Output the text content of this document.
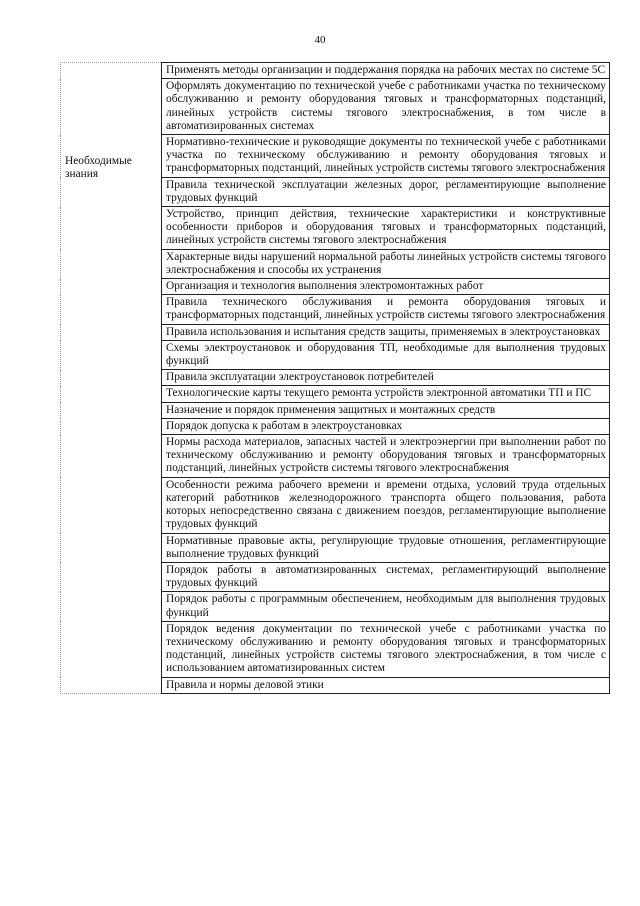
40
Необходимые знания	Применять методы организации и поддержания порядка на рабочих местах по системе 5С
Оформлять документацию по технической учебе с работниками участка по техническому обслуживанию и ремонту оборудования тяговых и трансформаторных подстанций, линейных устройств системы тягового электроснабжения, в том числе в автоматизированных системах
Нормативно-технические и руководящие документы по технической учебе с работниками участка по техническому обслуживанию и ремонту оборудования тяговых и трансформаторных подстанций, линейных устройств системы тягового электроснабжения
Правила технической эксплуатации железных дорог, регламентирующие выполнение трудовых функций
Устройство, принцип действия, технические характеристики и конструктивные особенности приборов и оборудования тяговых и трансформаторных подстанций, линейных устройств системы тягового электроснабжения
Характерные виды нарушений нормальной работы линейных устройств системы тягового электроснабжения и способы их устранения
Организация и технология выполнения электромонтажных работ
Правила технического обслуживания и ремонта оборудования тяговых и трансформаторных подстанций, линейных устройств системы тягового электроснабжения
Правила использования и испытания средств защиты, применяемых в электроустановках
Схемы электроустановок и оборудования ТП, необходимые для выполнения трудовых функций
Правила эксплуатации электроустановок потребителей
Технологические карты текущего ремонта устройств электронной автоматики ТП и ПС
Назначение и порядок применения защитных и монтажных средств
Порядок допуска к работам в электроустановках
Нормы расхода материалов, запасных частей и электроэнергии при выполнении работ по техническому обслуживанию и ремонту оборудования тяговых и трансформаторных подстанций, линейных устройств системы тягового электроснабжения
Особенности режима рабочего времени и времени отдыха, условий труда отдельных категорий работников железнодорожного транспорта общего пользования, работа которых непосредственно связана с движением поездов, регламентирующие выполнение трудовых функций
Нормативные правовые акты, регулирующие трудовые отношения, регламентирующие выполнение трудовых функций
Порядок работы в автоматизированных системах, регламентирующий выполнение трудовых функций
Порядок работы с программным обеспечением, необходимым для выполнения трудовых функций
Порядок ведения документации по технической учебе с работниками участка по техническому обслуживанию и ремонту оборудования тяговых и трансформаторных подстанций, линейных устройств системы тягового электроснабжения, в том числе с использованием автоматизированных систем
Правила и нормы деловой этики
